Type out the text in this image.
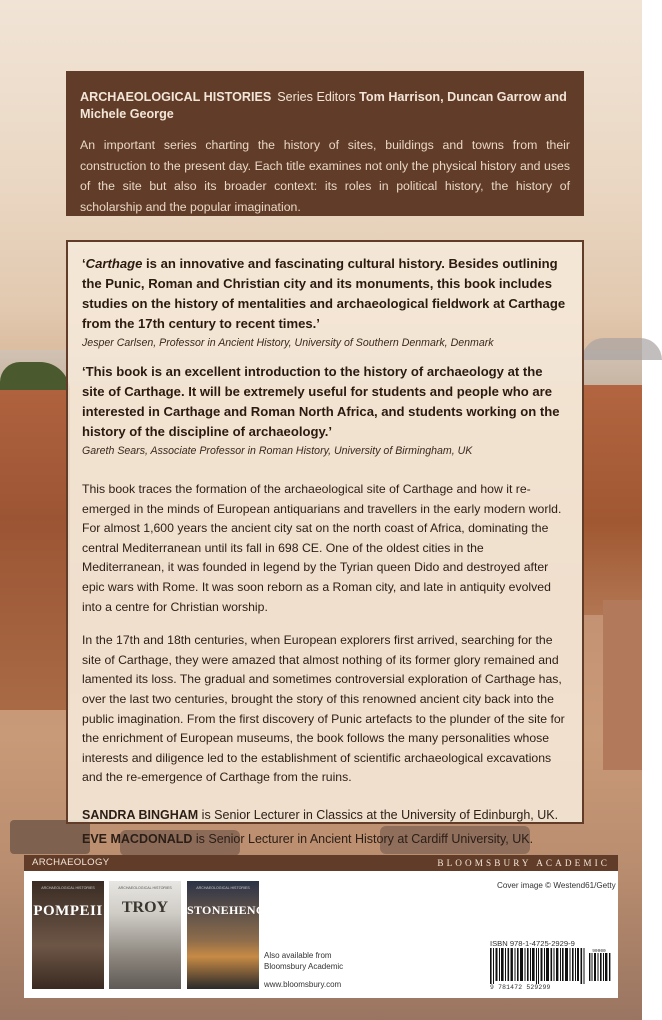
ARCHAEOLOGICAL HISTORIES Series Editors Tom Harrison, Duncan Garrow and Michele George
An important series charting the history of sites, buildings and towns from their construction to the present day. Each title examines not only the physical history and uses of the site but also its broader context: its roles in political history, the history of scholarship and the popular imagination.
‘Carthage is an innovative and fascinating cultural history. Besides outlining the Punic, Roman and Christian city and its monuments, this book includes studies on the history of mentalities and archaeological fieldwork at Carthage from the 17th century to recent times.’
Jesper Carlsen, Professor in Ancient History, University of Southern Denmark, Denmark
‘This book is an excellent introduction to the history of archaeology at the site of Carthage. It will be extremely useful for students and people who are interested in Carthage and Roman North Africa, and students working on the history of the discipline of archaeology.’
Gareth Sears, Associate Professor in Roman History, University of Birmingham, UK
This book traces the formation of the archaeological site of Carthage and how it re-emerged in the minds of European antiquarians and travellers in the early modern world. For almost 1,600 years the ancient city sat on the north coast of Africa, dominating the central Mediterranean until its fall in 698 CE. One of the oldest cities in the Mediterranean, it was founded in legend by the Tyrian queen Dido and destroyed after epic wars with Rome. It was soon reborn as a Roman city, and late in antiquity evolved into a centre for Christian worship.
In the 17th and 18th centuries, when European explorers first arrived, searching for the site of Carthage, they were amazed that almost nothing of its former glory remained and lamented its loss. The gradual and sometimes controversial exploration of Carthage has, over the last two centuries, brought the story of this renowned ancient city back into the public imagination. From the first discovery of Punic artefacts to the plunder of the site for the enrichment of European museums, the book follows the many personalities whose interests and diligence led to the establishment of scientific archaeological excavations and the re-emergence of Carthage from the ruins.
SANDRA BINGHAM is Senior Lecturer in Classics at the University of Edinburgh, UK.
EVE MACDONALD is Senior Lecturer in Ancient History at Cardiff University, UK.
ARCHAEOLOGY	BLOOMSBURY ACADEMIC
ARCHAEOLOGICAL HISTORIES
POMPEII
ARCHAEOLOGICAL HISTORIES
TROY
ARCHAEOLOGICAL HISTORIES
STONEHENGE
Also available from
Bloomsbury Academic
www.bloomsbury.com
Cover image © Westend61/Getty
ISBN 978-1-4725-2929-9
90000
9 781472 529299
